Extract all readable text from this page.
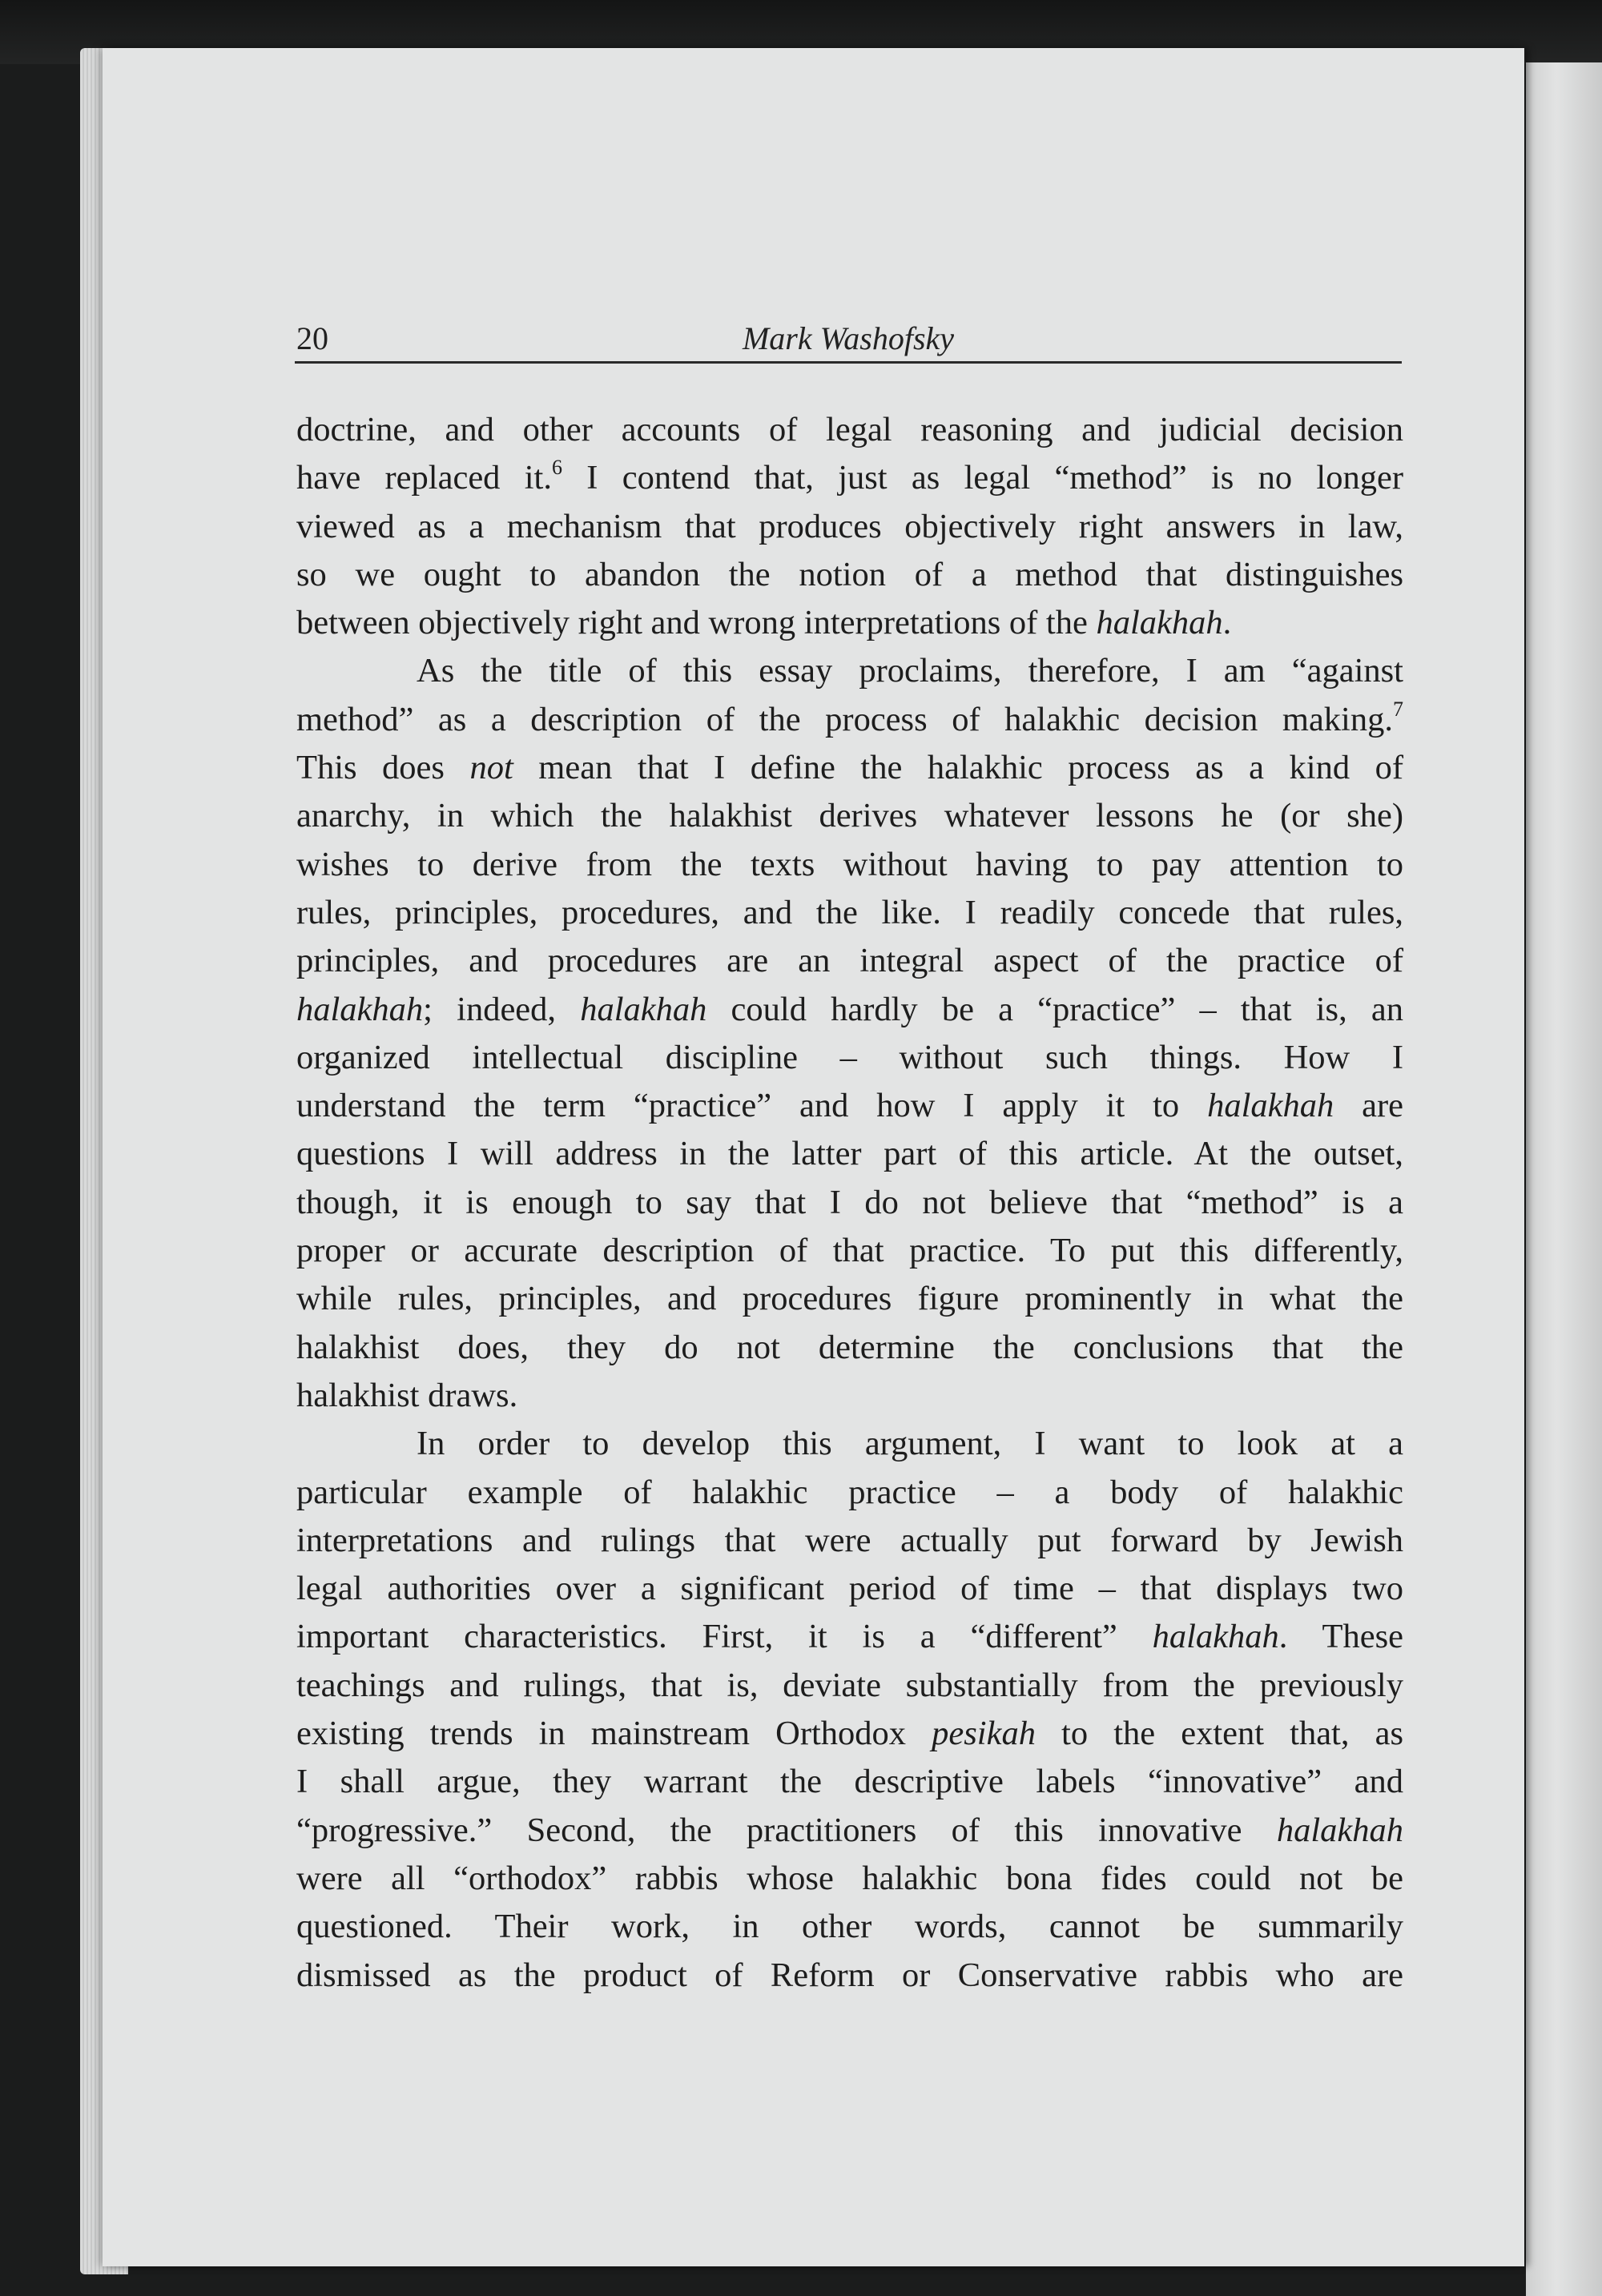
20	Mark Washofsky
doctrine, and other accounts of legal reasoning and judicial decision
have replaced it.$^6$ I contend that, just as legal “method” is no longer
viewed as a mechanism that produces objectively right answers in law,
so we ought to abandon the notion of a method that distinguishes
between objectively right and wrong interpretations of the halakhah.
As the title of this essay proclaims, therefore, I am “against
method” as a description of the process of halakhic decision making.$^7$
This does not mean that I define the halakhic process as a kind of
anarchy, in which the halakhist derives whatever lessons he (or she)
wishes to derive from the texts without having to pay attention to
rules, principles, procedures, and the like. I readily concede that rules,
principles, and procedures are an integral aspect of the practice of
halakhah; indeed, halakhah could hardly be a “practice” – that is, an
organized intellectual discipline – without such things. How I
understand the term “practice” and how I apply it to halakhah are
questions I will address in the latter part of this article. At the outset,
though, it is enough to say that I do not believe that “method” is a
proper or accurate description of that practice. To put this differently,
while rules, principles, and procedures figure prominently in what the
halakhist does, they do not determine the conclusions that the
halakhist draws.
In order to develop this argument, I want to look at a
particular example of halakhic practice – a body of halakhic
interpretations and rulings that were actually put forward by Jewish
legal authorities over a significant period of time – that displays two
important characteristics. First, it is a “different” halakhah. These
teachings and rulings, that is, deviate substantially from the previously
existing trends in mainstream Orthodox pesikah to the extent that, as
I shall argue, they warrant the descriptive labels “innovative” and
“progressive.” Second, the practitioners of this innovative halakhah
were all “orthodox” rabbis whose halakhic bona fides could not be
questioned. Their work, in other words, cannot be summarily
dismissed as the product of Reform or Conservative rabbis who are
